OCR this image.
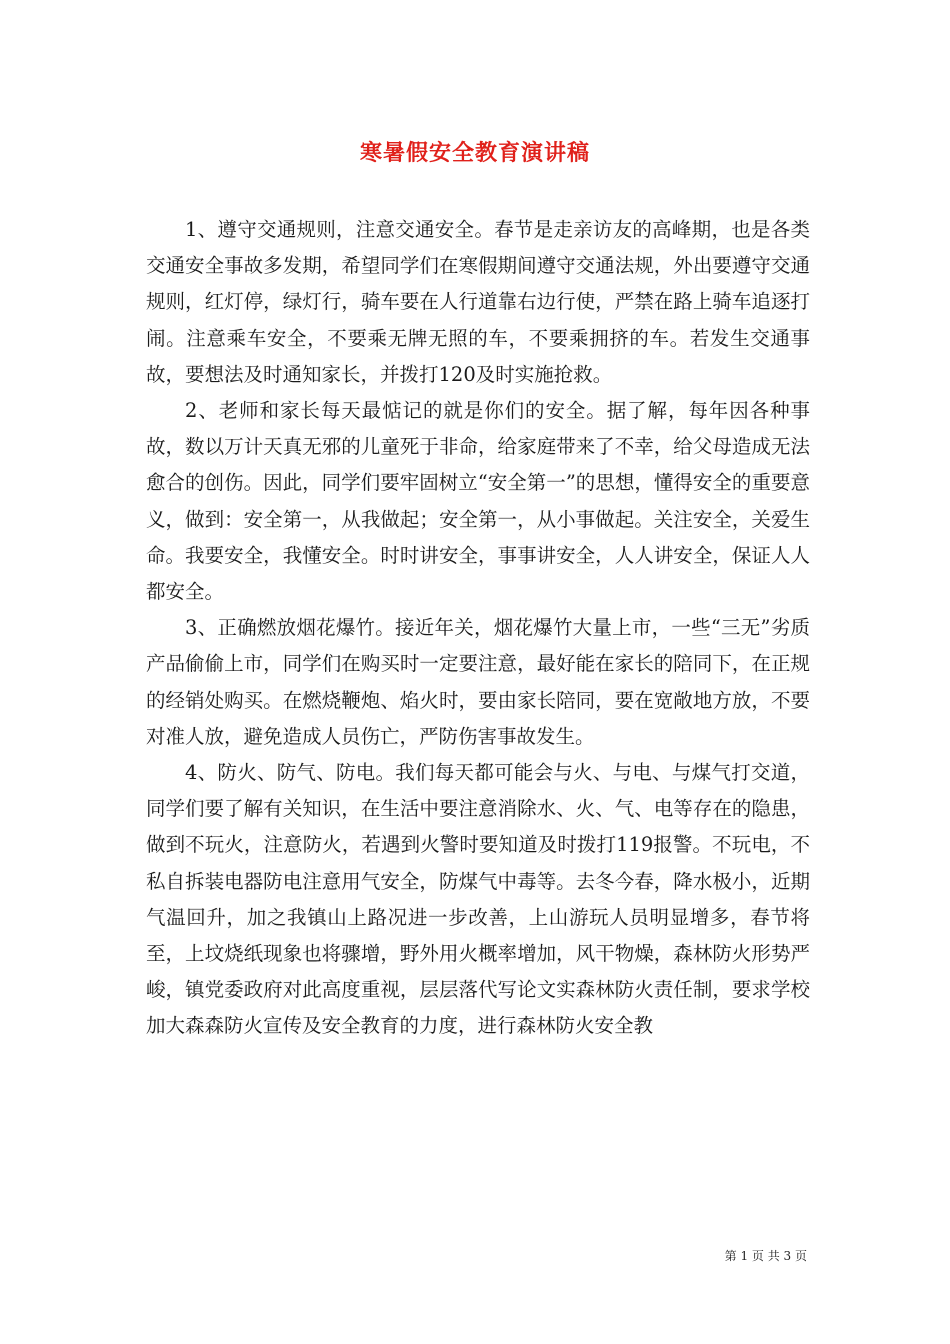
寒暑假安全教育演讲稿

1、遵守交通规则，注意交通安全。春节是走亲访友的高峰期，也是各类交通安全事故多发期，希望同学们在寒假期间遵守交通法规，外出要遵守交通规则，红灯停，绿灯行，骑车要在人行道靠右边行使，严禁在路上骑车追逐打闹。注意乘车安全，不要乘无牌无照的车，不要乘拥挤的车。若发生交通事故，要想法及时通知家长，并拨打120及时实施抢救。

2、老师和家长每天最惦记的就是你们的安全。据了解，每年因各种事故，数以万计天真无邪的儿童死于非命，给家庭带来了不幸，给父母造成无法愈合的创伤。因此，同学们要牢固树立“安全第一”的思想，懂得安全的重要意义，做到：安全第一，从我做起；安全第一，从小事做起。关注安全，关爱生命。我要安全，我懂安全。时时讲安全，事事讲安全，人人讲安全，保证人人都安全。

3、正确燃放烟花爆竹。接近年关，烟花爆竹大量上市，一些“三无”劣质产品偷偷上市，同学们在购买时一定要注意，最好能在家长的陪同下，在正规的经销处购买。在燃烧鞭炮、焰火时，要由家长陪同，要在宽敞地方放，不要对准人放，避免造成人员伤亡，严防伤害事故发生。

4、防火、防气、防电。我们每天都可能会与火、与电、与煤气打交道，同学们要了解有关知识，在生活中要注意消除水、火、气、电等存在的隐患，做到不玩火，注意防火，若遇到火警时要知道及时拨打119报警。不玩电，不私自拆装电器防电注意用气安全，防煤气中毒等。去冬今春，降水极小，近期气温回升，加之我镇山上路况进一步改善，上山游玩人员明显增多，春节将至，上坟烧纸现象也将骤增，野外用火概率增加，风干物燥，森林防火形势严峻，镇党委政府对此高度重视，层层落代写论文实森林防火责任制，要求学校加大森森防火宣传及安全教育的力度，进行森林防火安全教

第 1 页 共 3 页
